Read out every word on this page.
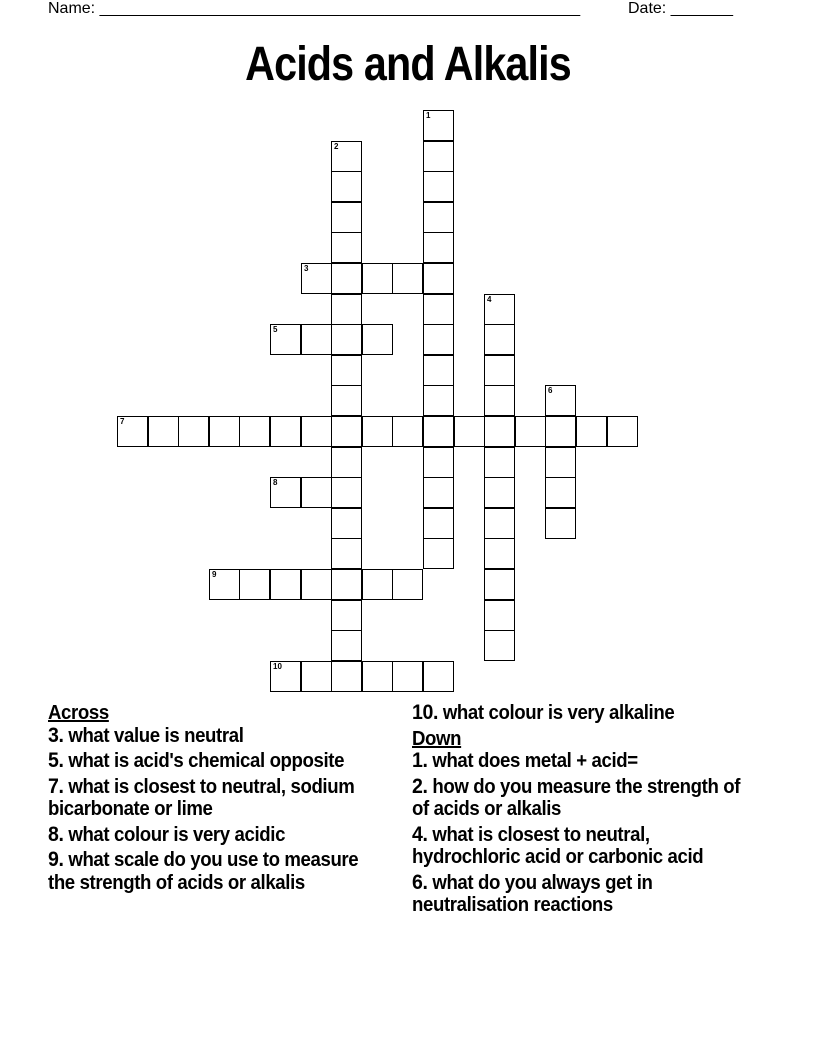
Name: ______________________________________________________	Date: _______
Acids and Alkalis
1
2
3
4
5
6
7
8
9
10
Across
3. what value is neutral
5. what is acid's chemical opposite
7. what is closest to neutral, sodium bicarbonate or lime
8. what colour is very acidic
9. what scale do you use to measure the strength of acids or alkalis
10. what colour is very alkaline
Down
1. what does metal + acid=
2. how do you measure the strength of of acids or alkalis
4. what is closest to neutral, hydrochloric acid or carbonic acid
6. what do you always get in neutralisation reactions
